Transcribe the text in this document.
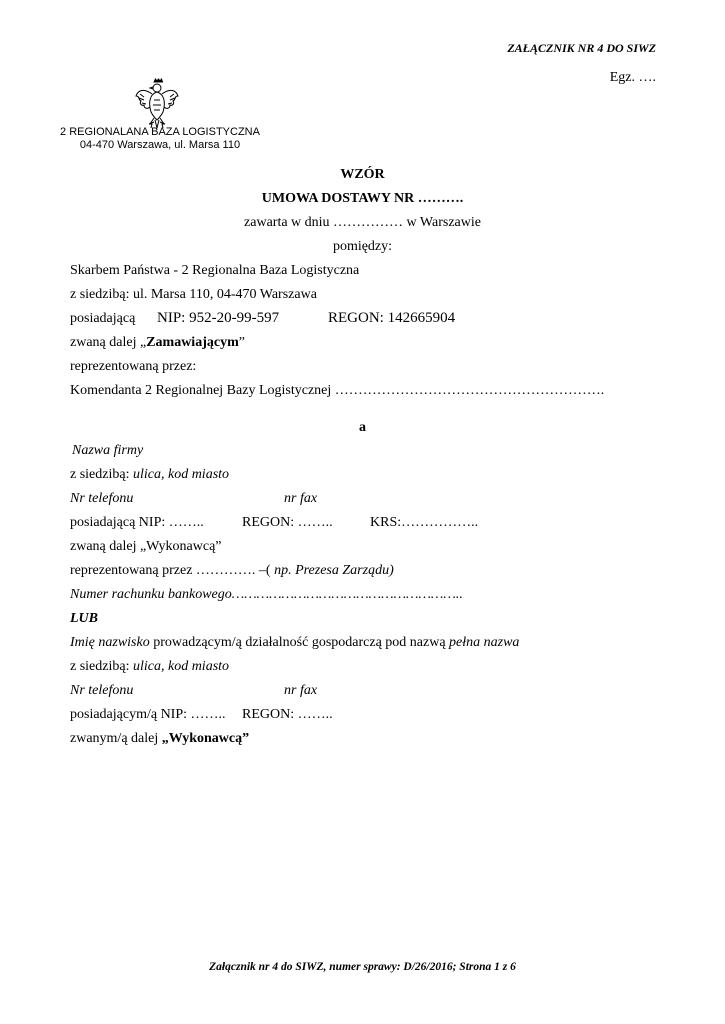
ZAŁĄCZNIK NR 4 DO SIWZ
Egz. ….
2 REGIONALANA BAZA LOGISTYCZNA
04-470 Warszawa, ul. Marsa 110
WZÓR
UMOWA DOSTAWY NR ……….
zawarta w dniu …………… w Warszawie
pomiędzy:
Skarbem Państwa - 2 Regionalna Baza Logistyczna
z siedzibą: ul. Marsa 110, 04-470 Warszawa
posiadającą NIP: 952-20-99-597	REGON: 142665904
zwaną dalej „Zamawiającym”
reprezentowaną przez:
Komendanta 2 Regionalnej Bazy Logistycznej ………………………………………………….
a
Nazwa firmy
z siedzibą: ulica, kod miasto
Nr telefonu	nr fax
posiadającą NIP: ……..	REGON: ……..	KRS:……………..
zwaną dalej „Wykonawcą”
reprezentowaną przez …………. –( np. Prezesa Zarządu)
Numer rachunku bankowego………………………………………………..
LUB
Imię nazwisko prowadzącym/ą działalność gospodarczą pod nazwą pełna nazwa
z siedzibą: ulica, kod miasto
Nr telefonu	nr fax
posiadającym/ą NIP: …….. REGON: ……..
zwanym/ą dalej „Wykonawcą”
Załącznik nr 4 do SIWZ, numer sprawy: D/26/2016; Strona 1 z 6
